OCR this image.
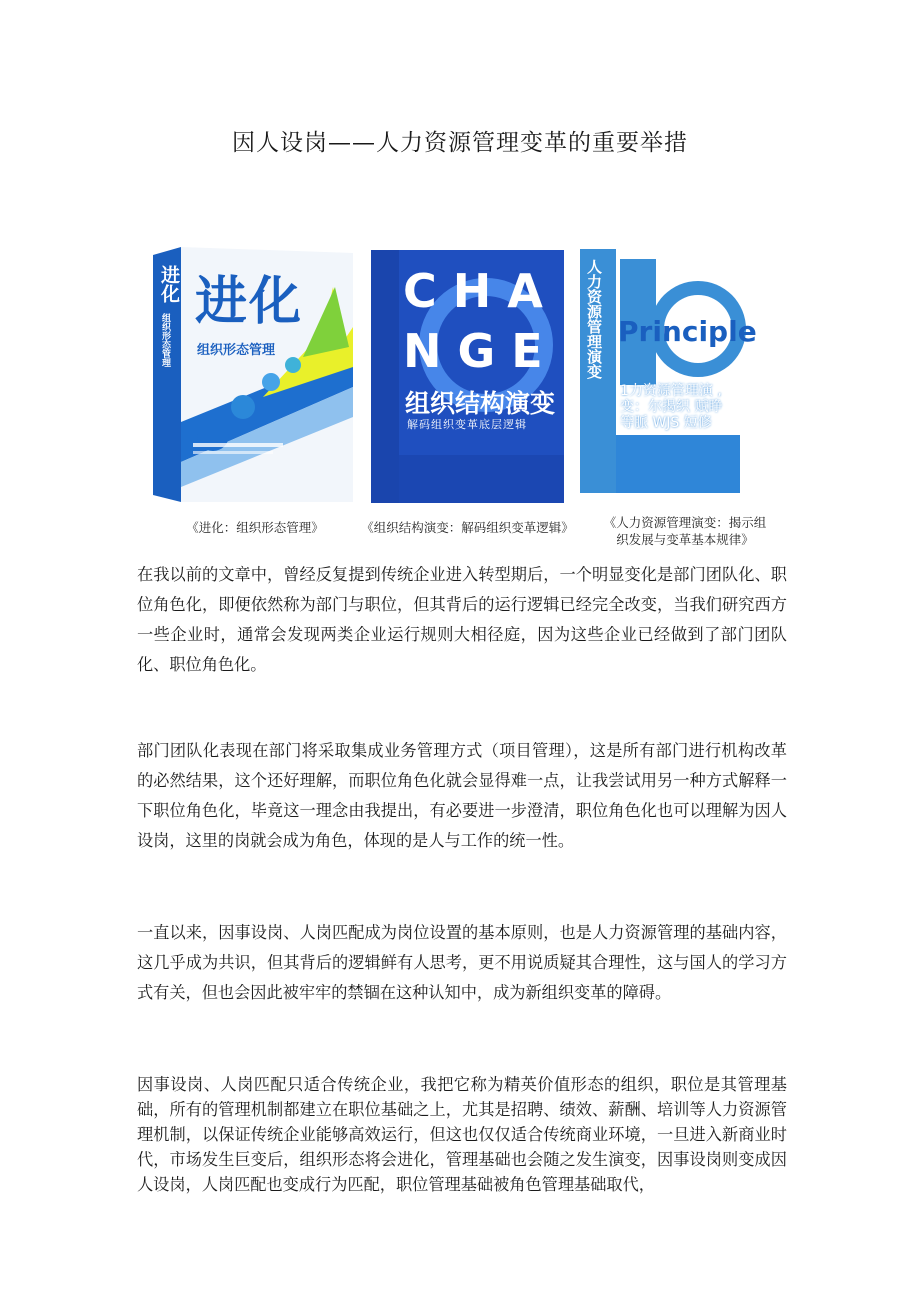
因人设岗——人力资源管理变革的重要举措
进化
组织形态管理
进化
组织形态管理
《进化：组织形态管理》
CHA
NGE
组织结构演变
解码组织变革底层逻辑
《组织结构演变：解码组织变革逻辑》
人力资源管理演变 Principle
1力资源管理演 ,变：尔揭织 赋睁 等脈 WJS 短修
《人力资源管理演变：揭示组织发展与变革基本规律》
在我以前的文章中，曾经反复提到传统企业进入转型期后，一个明显变化是部门团队化、职位角色化，即便依然称为部门与职位，但其背后的运行逻辑已经完全改变，当我们研究西方一些企业时，通常会发现两类企业运行规则大相径庭，因为这些企业已经做到了部门团队化、职位角色化。
部门团队化表现在部门将采取集成业务管理方式（项目管理），这是所有部门进行机构改革的必然结果，这个还好理解，而职位角色化就会显得难一点，让我尝试用另一种方式解释一下职位角色化，毕竟这一理念由我提出，有必要进一步澄清，职位角色化也可以理解为因人设岗，这里的岗就会成为角色，体现的是人与工作的统一性。
一直以来，因事设岗、人岗匹配成为岗位设置的基本原则，也是人力资源管理的基础内容，这几乎成为共识，但其背后的逻辑鲜有人思考，更不用说质疑其合理性，这与国人的学习方式有关，但也会因此被牢牢的禁锢在这种认知中，成为新组织变革的障碍。
因事设岗、人岗匹配只适合传统企业，我把它称为精英价值形态的组织，职位是其管理基础，所有的管理机制都建立在职位基础之上，尤其是招聘、绩效、薪酬、培训等人力资源管理机制，以保证传统企业能够高效运行，但这也仅仅适合传统商业环境，一旦进入新商业时代，市场发生巨变后，组织形态将会进化，管理基础也会随之发生演变，因事设岗则变成因人设岗，人岗匹配也变成行为匹配，职位管理基础被角色管理基础取代，
